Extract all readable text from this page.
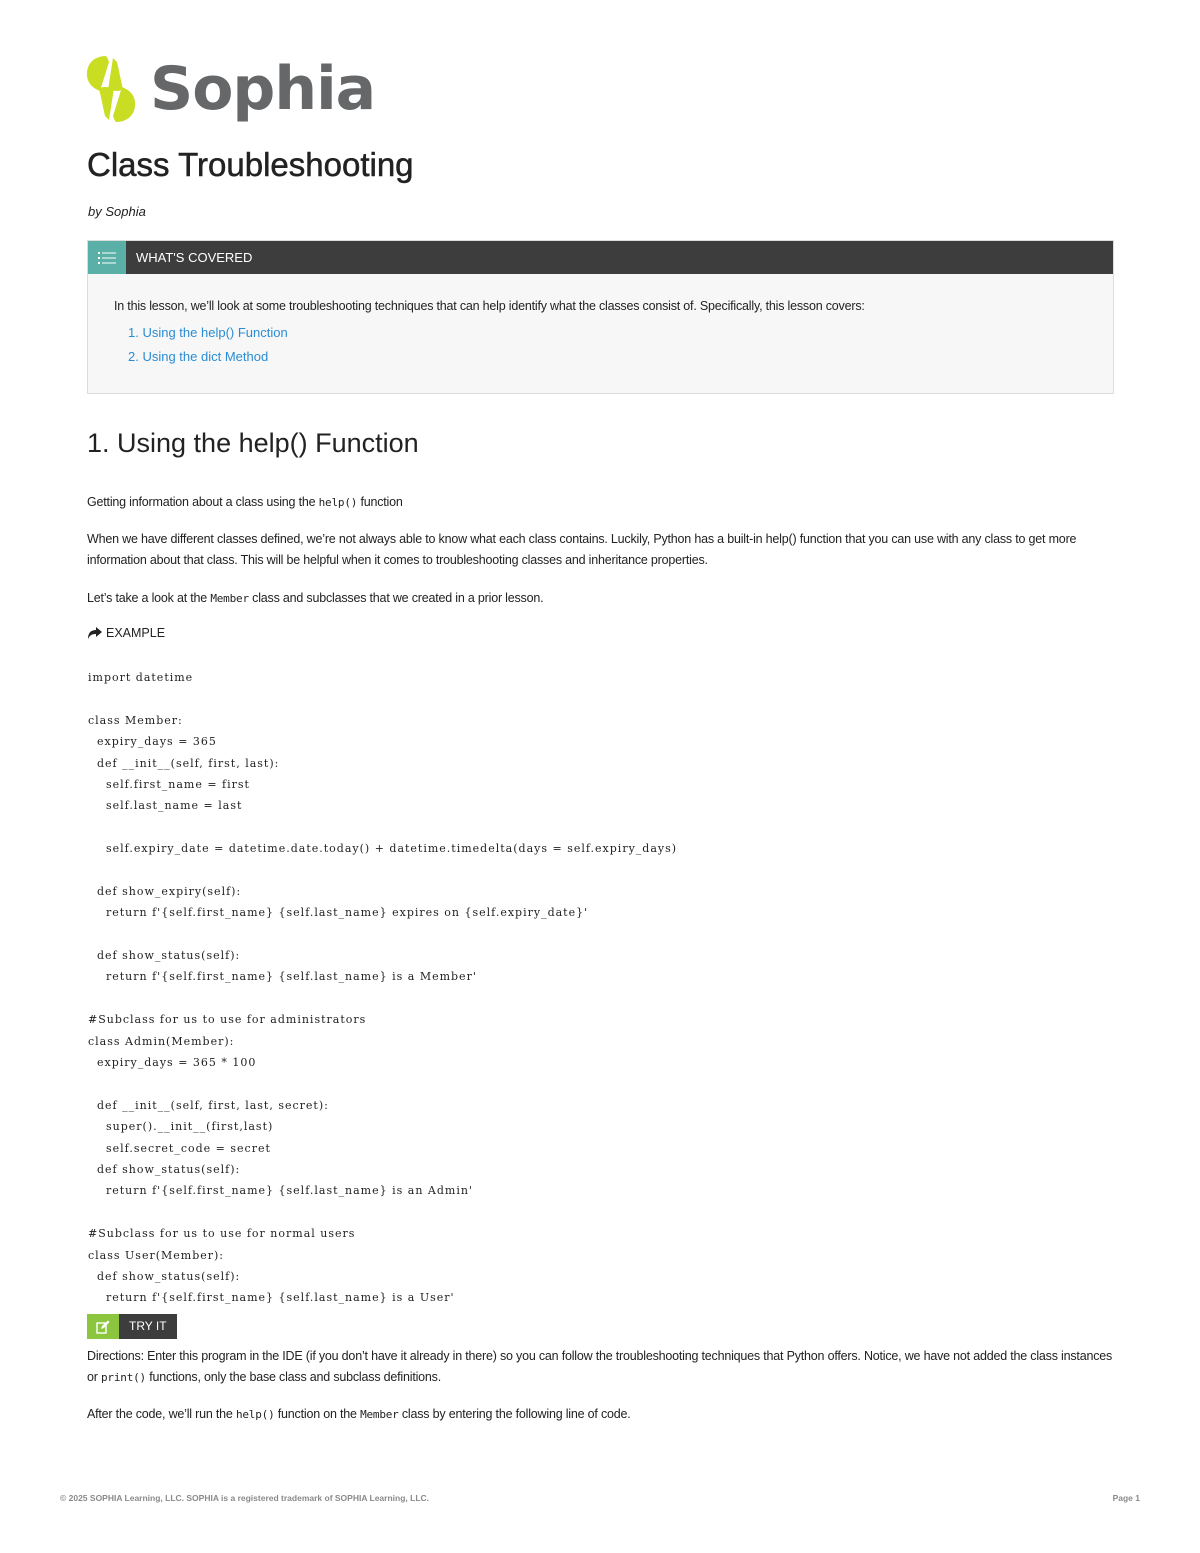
Sophia
Class Troubleshooting
by Sophia
WHAT'S COVERED
In this lesson, we’ll look at some troubleshooting techniques that can help identify what the classes consist of. Specifically, this lesson covers:
1. Using the help() Function
2. Using the dict Method
1. Using the help() Function

Getting information about a class using the help() function

When we have different classes defined, we’re not always able to know what each class contains. Luckily, Python has a built-in help() function that you can use with any class to get more information about that class. This will be helpful when it comes to troubleshooting classes and inheritance properties.

Let’s take a look at the Member class and subclasses that we created in a prior lesson.

EXAMPLE
import datetime
class Member:
expiry_days = 365
def __init__(self, first, last):
self.first_name = first
self.last_name = last
self.expiry_date = datetime.date.today() + datetime.timedelta(days = self.expiry_days)
def show_expiry(self):
return f'{self.first_name} {self.last_name} expires on {self.expiry_date}'
def show_status(self):
return f'{self.first_name} {self.last_name} is a Member'
#Subclass for us to use for administrators
class Admin(Member):
expiry_days = 365 * 100
def __init__(self, first, last, secret):
super().__init__(first,last)
self.secret_code = secret
def show_status(self):
return f'{self.first_name} {self.last_name} is an Admin'
#Subclass for us to use for normal users
class User(Member):
def show_status(self):
return f'{self.first_name} {self.last_name} is a User'
TRY IT

Directions: Enter this program in the IDE (if you don’t have it already in there) so you can follow the troubleshooting techniques that Python offers. Notice, we have not added the class instances or print() functions, only the base class and subclass definitions.

After the code, we’ll run the help() function on the Member class by entering the following line of code.

© 2025 SOPHIA Learning, LLC. SOPHIA is a registered trademark of SOPHIA Learning, LLC.	Page 1
